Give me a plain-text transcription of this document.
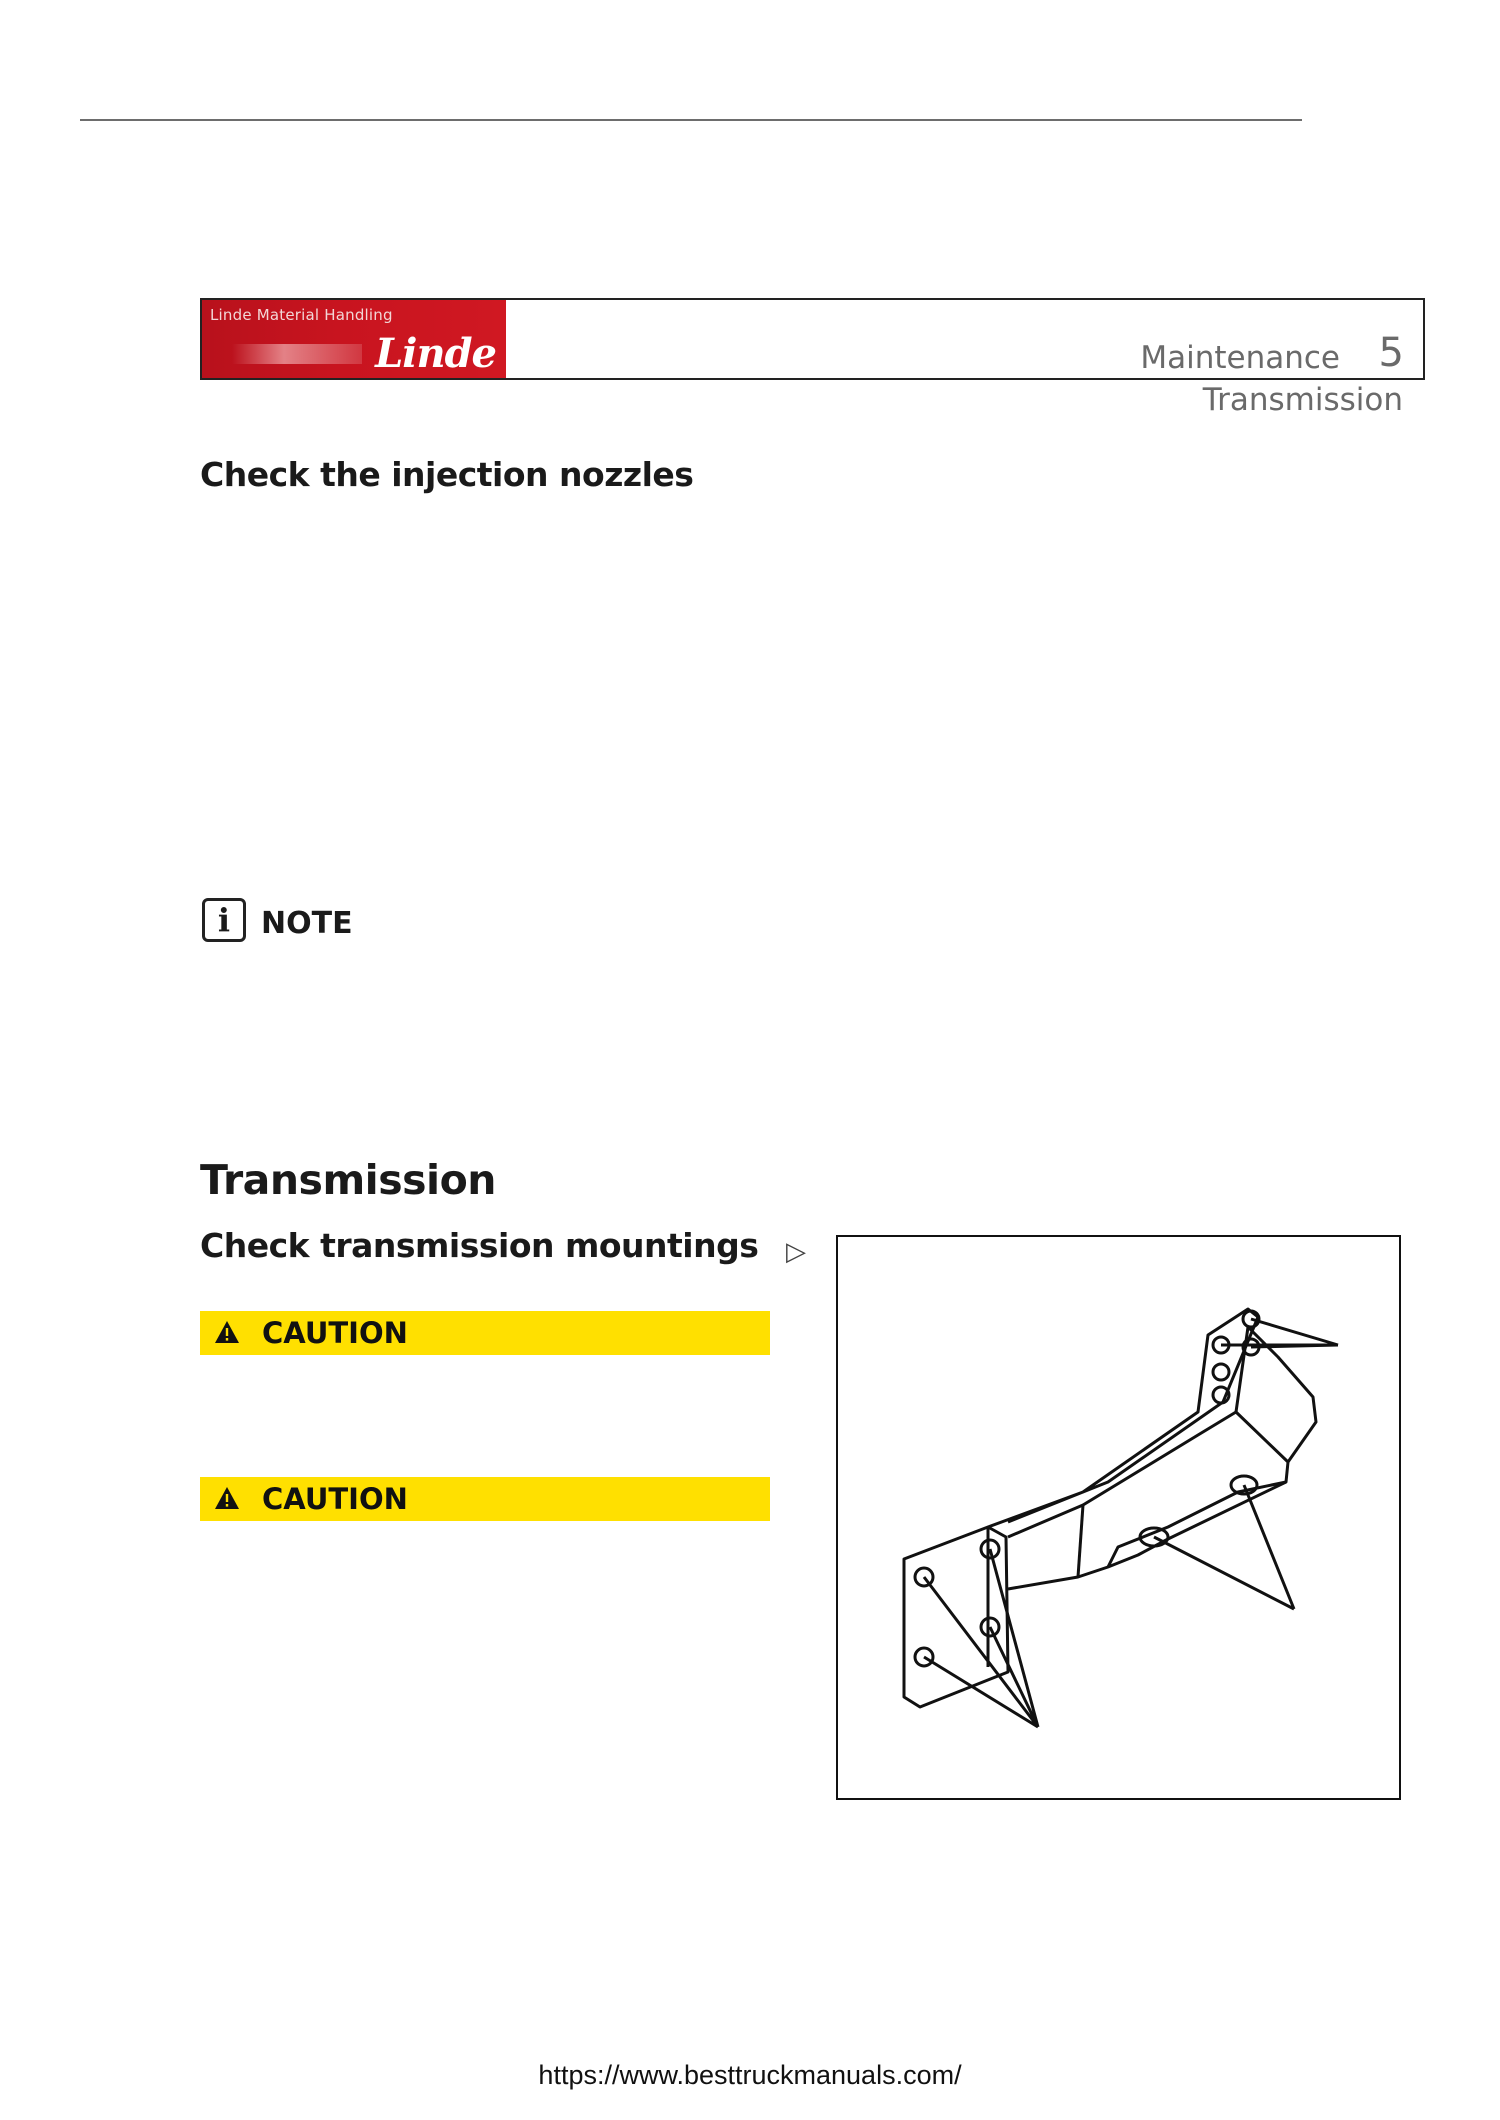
Linde Material Handling
Linde	Maintenance 5
Transmission
Check the injection nozzles
i	NOTE
Transmission
Check transmission mountings ▷
CAUTION
CAUTION
https://www.besttruckmanuals.com/
